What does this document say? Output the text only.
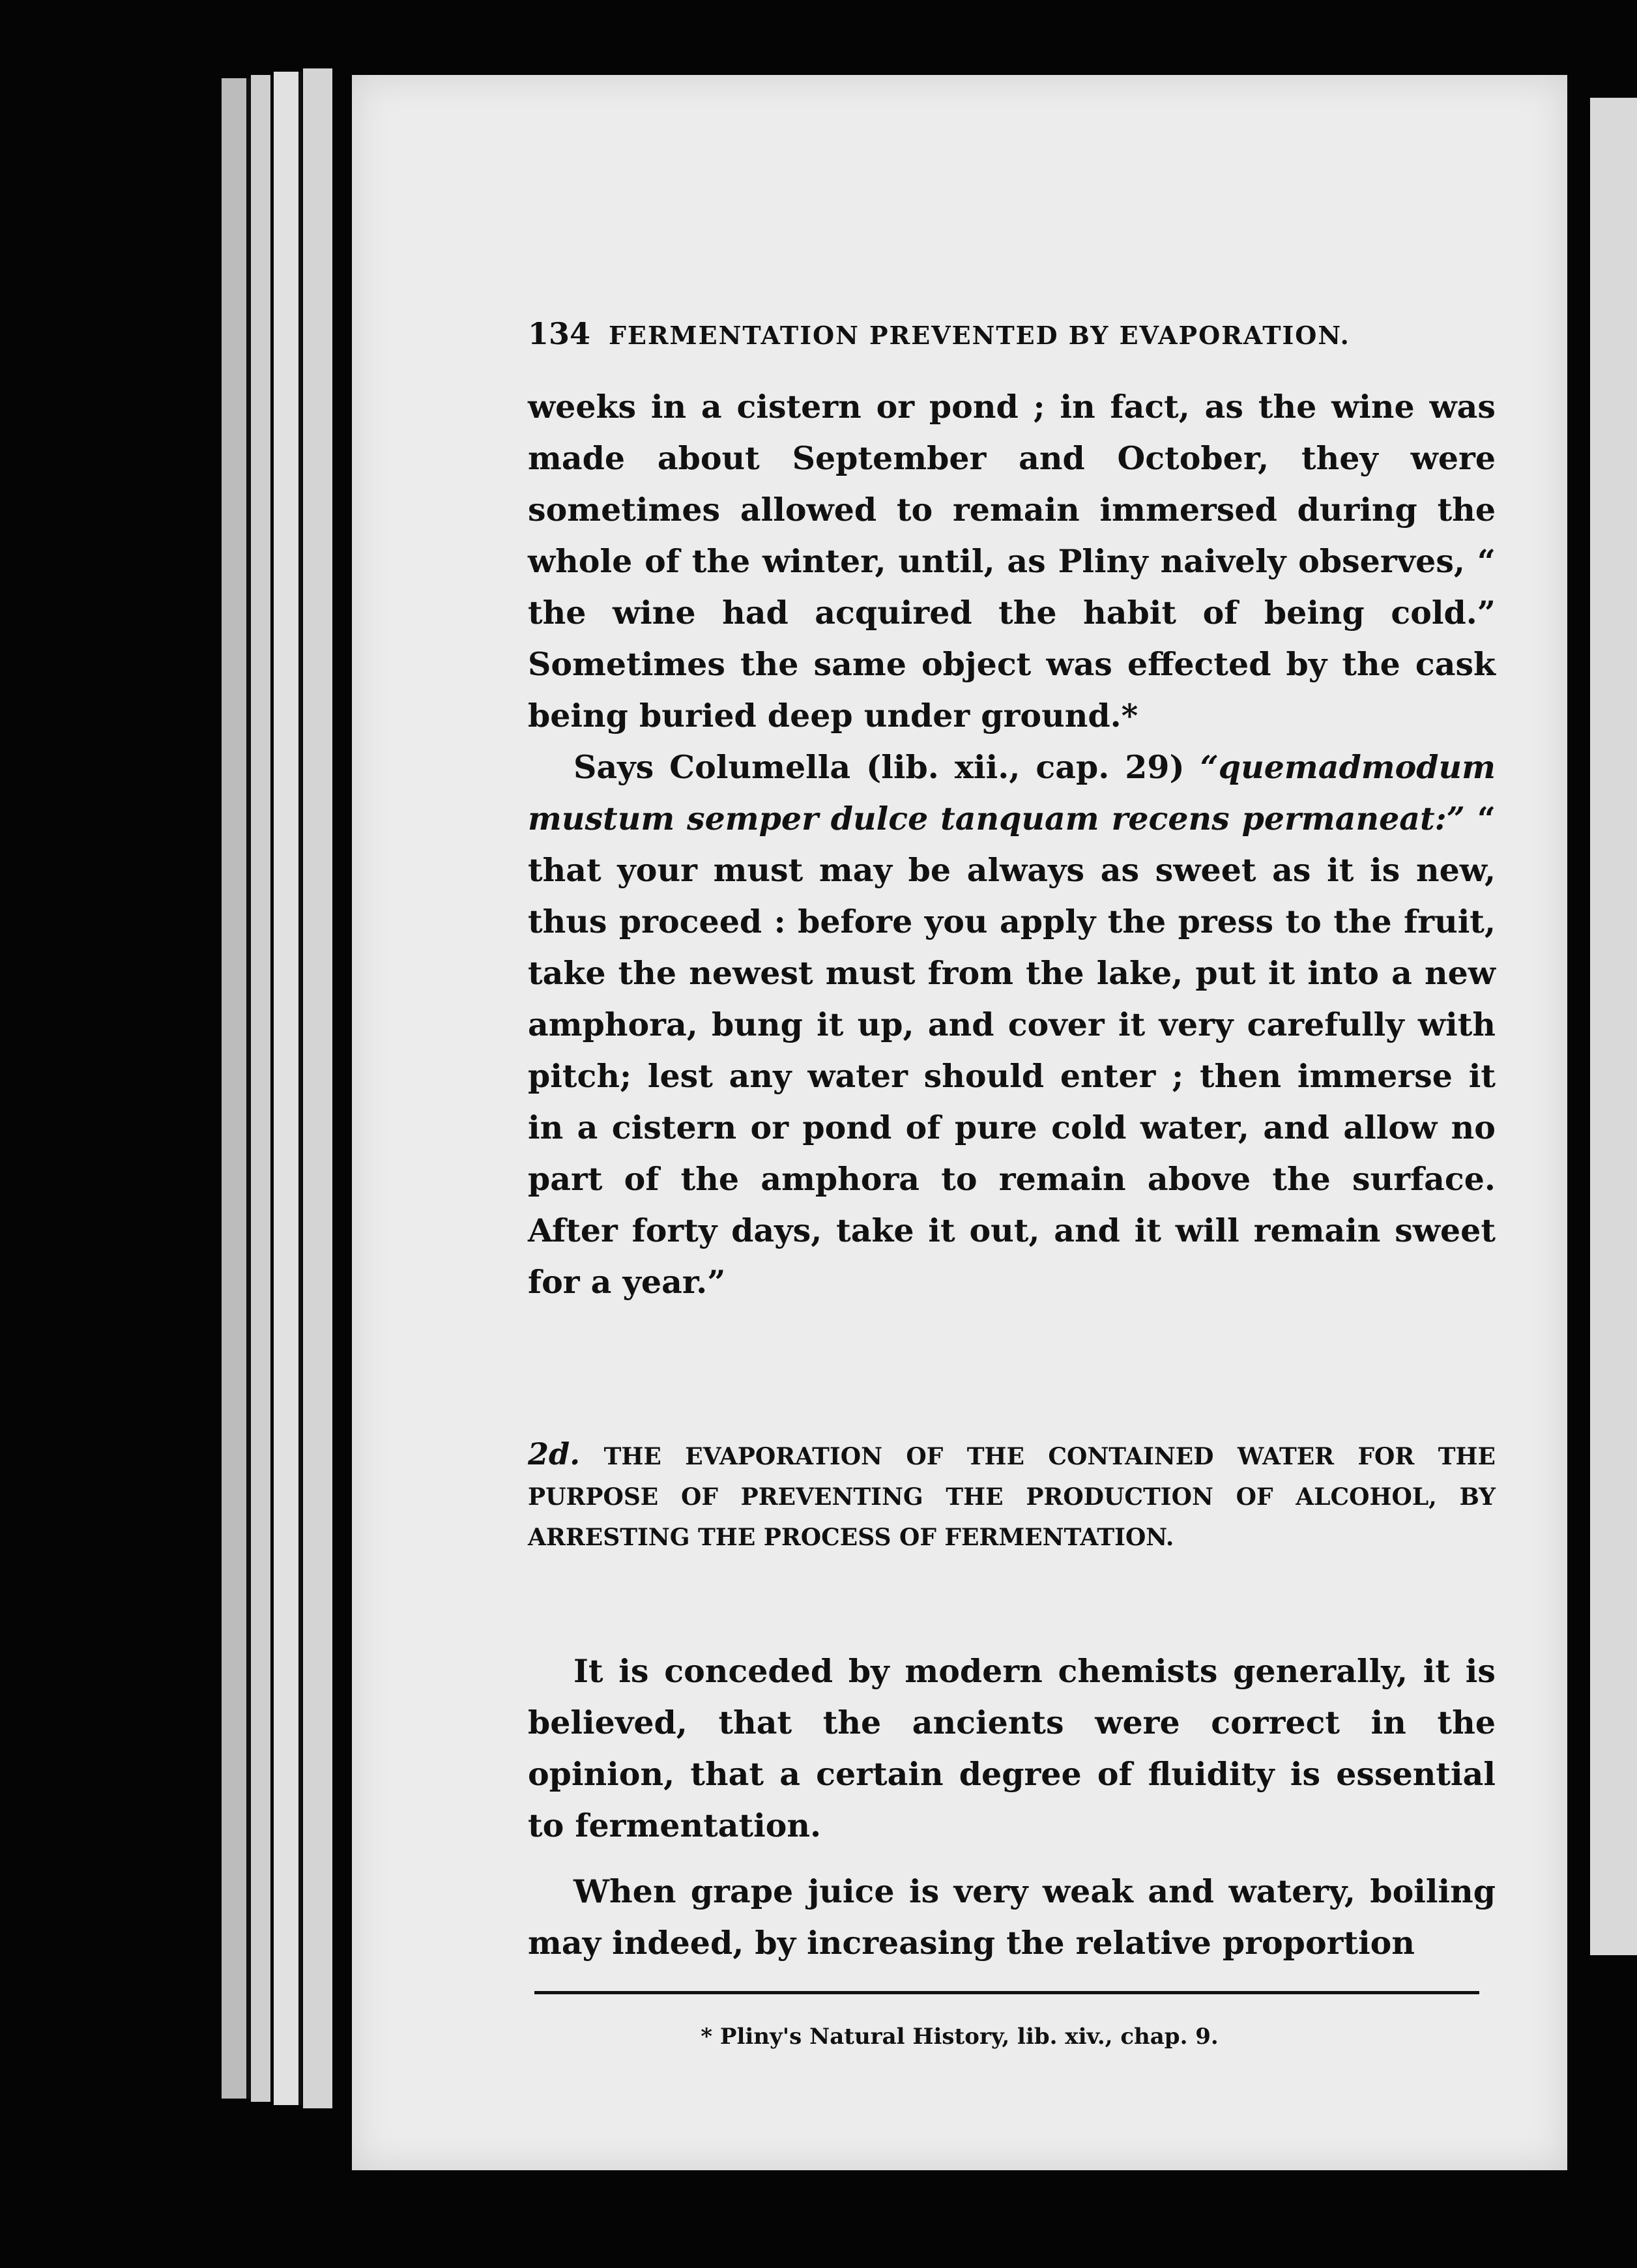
134 FERMENTATION PREVENTED BY EVAPORATION.

weeks in a cistern or pond ; in fact, as the wine was made about September and October, they were sometimes allowed to remain immersed during the whole of the winter, until, as Pliny naively observes, “ the wine had acquired the habit of being cold.” Sometimes the same object was effected by the cask being buried deep under ground.*

Says Columella (lib. xii., cap. 29) “quemadmodum mustum semper dulce tanquam recens permaneat:” “ that your must may be always as sweet as it is new, thus proceed : before you apply the press to the fruit, take the newest must from the lake, put it into a new amphora, bung it up, and cover it very carefully with pitch; lest any water should enter ; then immerse it in a cistern or pond of pure cold water, and allow no part of the amphora to remain above the surface. After forty days, take it out, and it will remain sweet for a year.”

2d. THE EVAPORATION OF THE CONTAINED WATER FOR THE PURPOSE OF PREVENTING THE PRODUCTION OF ALCOHOL, BY ARRESTING THE PROCESS OF FERMENTATION.

It is conceded by modern chemists generally, it is believed, that the ancients were correct in the opinion, that a certain degree of fluidity is essential to fermentation.

When grape juice is very weak and watery, boiling may indeed, by increasing the relative proportion

* Pliny's Natural History, lib. xiv., chap. 9.
